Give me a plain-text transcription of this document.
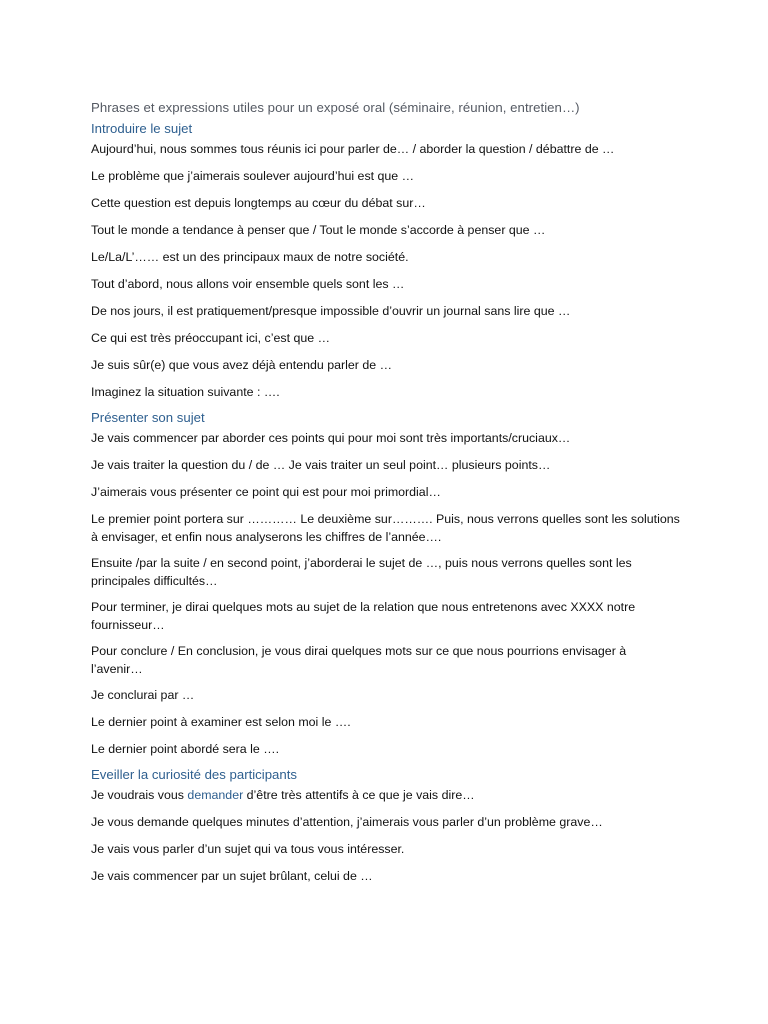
Phrases et expressions utiles pour un exposé oral (séminaire, réunion, entretien…)
Introduire le sujet

Aujourd’hui, nous sommes tous réunis ici pour parler de… / aborder la question / débattre de …

Le problème que j’aimerais soulever aujourd’hui est que …

Cette question est depuis longtemps au cœur du débat sur…

Tout le monde a tendance à penser que / Tout le monde s’accorde à penser que …

Le/La/L’…… est un des principaux maux de notre société.

Tout d’abord, nous allons voir ensemble quels sont les …

De nos jours, il est pratiquement/presque impossible d’ouvrir un journal sans lire que …

Ce qui est très préoccupant ici, c’est que …

Je suis sûr(e) que vous avez déjà entendu parler de …

Imaginez la situation suivante : ….

Présenter son sujet

Je vais commencer par aborder ces points qui pour moi sont très importants/cruciaux…

Je vais traiter la question du / de … Je vais traiter un seul point… plusieurs points…

J’aimerais vous présenter ce point qui est pour moi primordial…

Le premier point portera sur ………… Le deuxième sur………. Puis, nous verrons quelles sont les solutions à envisager, et enfin nous analyserons les chiffres de l’année….

Ensuite /par la suite / en second point, j’aborderai le sujet de …, puis nous verrons quelles sont les principales difficultés…

Pour terminer, je dirai quelques mots au sujet de la relation que nous entretenons avec XXXX notre fournisseur…

Pour conclure / En conclusion, je vous dirai quelques mots sur ce que nous pourrions envisager à l’avenir…

Je conclurai par …

Le dernier point à examiner est selon moi le ….

Le dernier point abordé sera le ….

Eveiller la curiosité des participants

Je voudrais vous demander d’être très attentifs à ce que je vais dire…

Je vous demande quelques minutes d’attention, j’aimerais vous parler d’un problème grave…

Je vais vous parler d’un sujet qui va tous vous intéresser.

Je vais commencer par un sujet brûlant, celui de …
